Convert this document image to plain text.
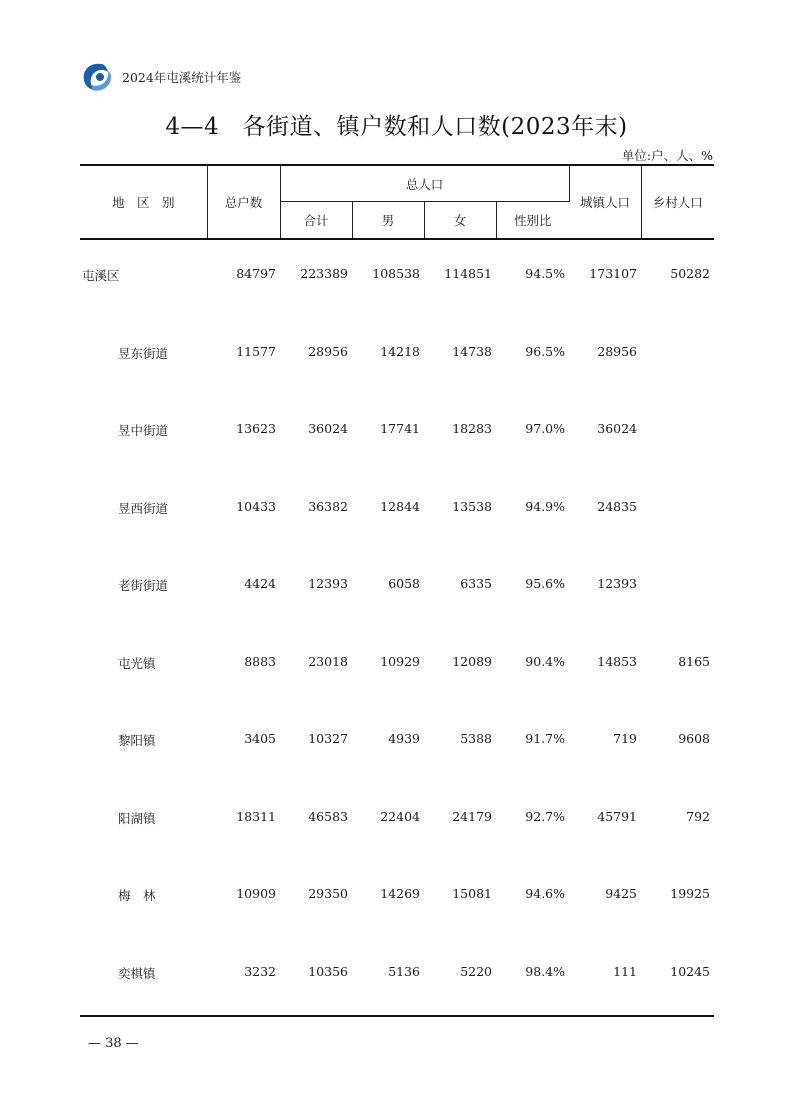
2024年屯溪统计年鉴
4—4　各街道、镇户数和人口数(2023年末)
单位:户、人、%
地　区　别	总户数	总人口				城镇人口	乡村人口
		合计	男	女	性别比		

屯溪区	84797	223389	108538	114851	94.5%	173107	50282

昱东街道	11577	28956	14218	14738	96.5%	28956	

昱中街道	13623	36024	17741	18283	97.0%	36024	

昱西街道	10433	36382	12844	13538	94.9%	24835	

老街街道	4424	12393	6058	6335	95.6%	12393	

屯光镇	8883	23018	10929	12089	90.4%	14853	8165

黎阳镇	3405	10327	4939	5388	91.7%	719	9608

阳湖镇	18311	46583	22404	24179	92.7%	45791	792

梅　林	10909	29350	14269	15081	94.6%	9425	19925

奕棋镇	3232	10356	5136	5220	98.4%	111	10245
— 38 —
